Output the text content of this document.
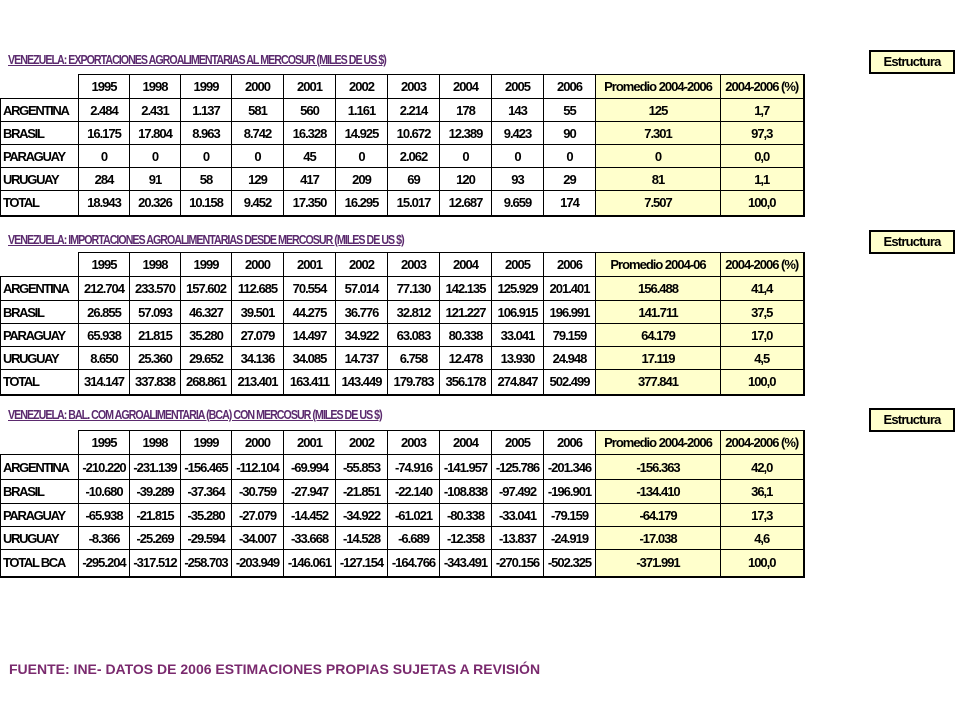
VENEZUELA: EXPORTACIONES AGROALIMENTARIAS AL MERCOSUR (MILES DE US $)	Estructura
	1995	1998	1999	2000	2001	2002	2003	2004	2005	2006	Promedio 2004-2006	2004-2006 (%)
ARGENTINA	2.484	2.431	1.137	581	560	1.161	2.214	178	143	55	125	1,7
BRASIL	16.175	17.804	8.963	8.742	16.328	14.925	10.672	12.389	9.423	90	7.301	97,3
PARAGUAY	0	0	0	0	45	0	2.062	0	0	0	0	0,0
URUGUAY	284	91	58	129	417	209	69	120	93	29	81	1,1
TOTAL	18.943	20.326	10.158	9.452	17.350	16.295	15.017	12.687	9.659	174	7.507	100,0
VENEZUELA: IMPORTACIONES AGROALIMENTARIAS DESDE MERCOSUR (MILES DE US $)	Estructura
	1995	1998	1999	2000	2001	2002	2003	2004	2005	2006	Promedio 2004-06	2004-2006 (%)
ARGENTINA	212.704	233.570	157.602	112.685	70.554	57.014	77.130	142.135	125.929	201.401	156.488	41,4
BRASIL	26.855	57.093	46.327	39.501	44.275	36.776	32.812	121.227	106.915	196.991	141.711	37,5
PARAGUAY	65.938	21.815	35.280	27.079	14.497	34.922	63.083	80.338	33.041	79.159	64.179	17,0
URUGUAY	8.650	25.360	29.652	34.136	34.085	14.737	6.758	12.478	13.930	24.948	17.119	4,5
TOTAL	314.147	337.838	268.861	213.401	163.411	143.449	179.783	356.178	274.847	502.499	377.841	100,0
VENEZUELA: BAL. COM AGROALIMENTARIA (BCA) CON MERCOSUR (MILES DE US $)	Estructura
	1995	1998	1999	2000	2001	2002	2003	2004	2005	2006	Promedio 2004-2006	2004-2006 (%)
ARGENTINA	-210.220	-231.139	-156.465	-112.104	-69.994	-55.853	-74.916	-141.957	-125.786	-201.346	-156.363	42,0
BRASIL	-10.680	-39.289	-37.364	-30.759	-27.947	-21.851	-22.140	-108.838	-97.492	-196.901	-134.410	36,1
PARAGUAY	-65.938	-21.815	-35.280	-27.079	-14.452	-34.922	-61.021	-80.338	-33.041	-79.159	-64.179	17,3
URUGUAY	-8.366	-25.269	-29.594	-34.007	-33.668	-14.528	-6.689	-12.358	-13.837	-24.919	-17.038	4,6
TOTAL BCA	-295.204	-317.512	-258.703	-203.949	-146.061	-127.154	-164.766	-343.491	-270.156	-502.325	-371.991	100,0
FUENTE: INE- DATOS DE 2006 ESTIMACIONES PROPIAS SUJETAS A REVISIÓN
